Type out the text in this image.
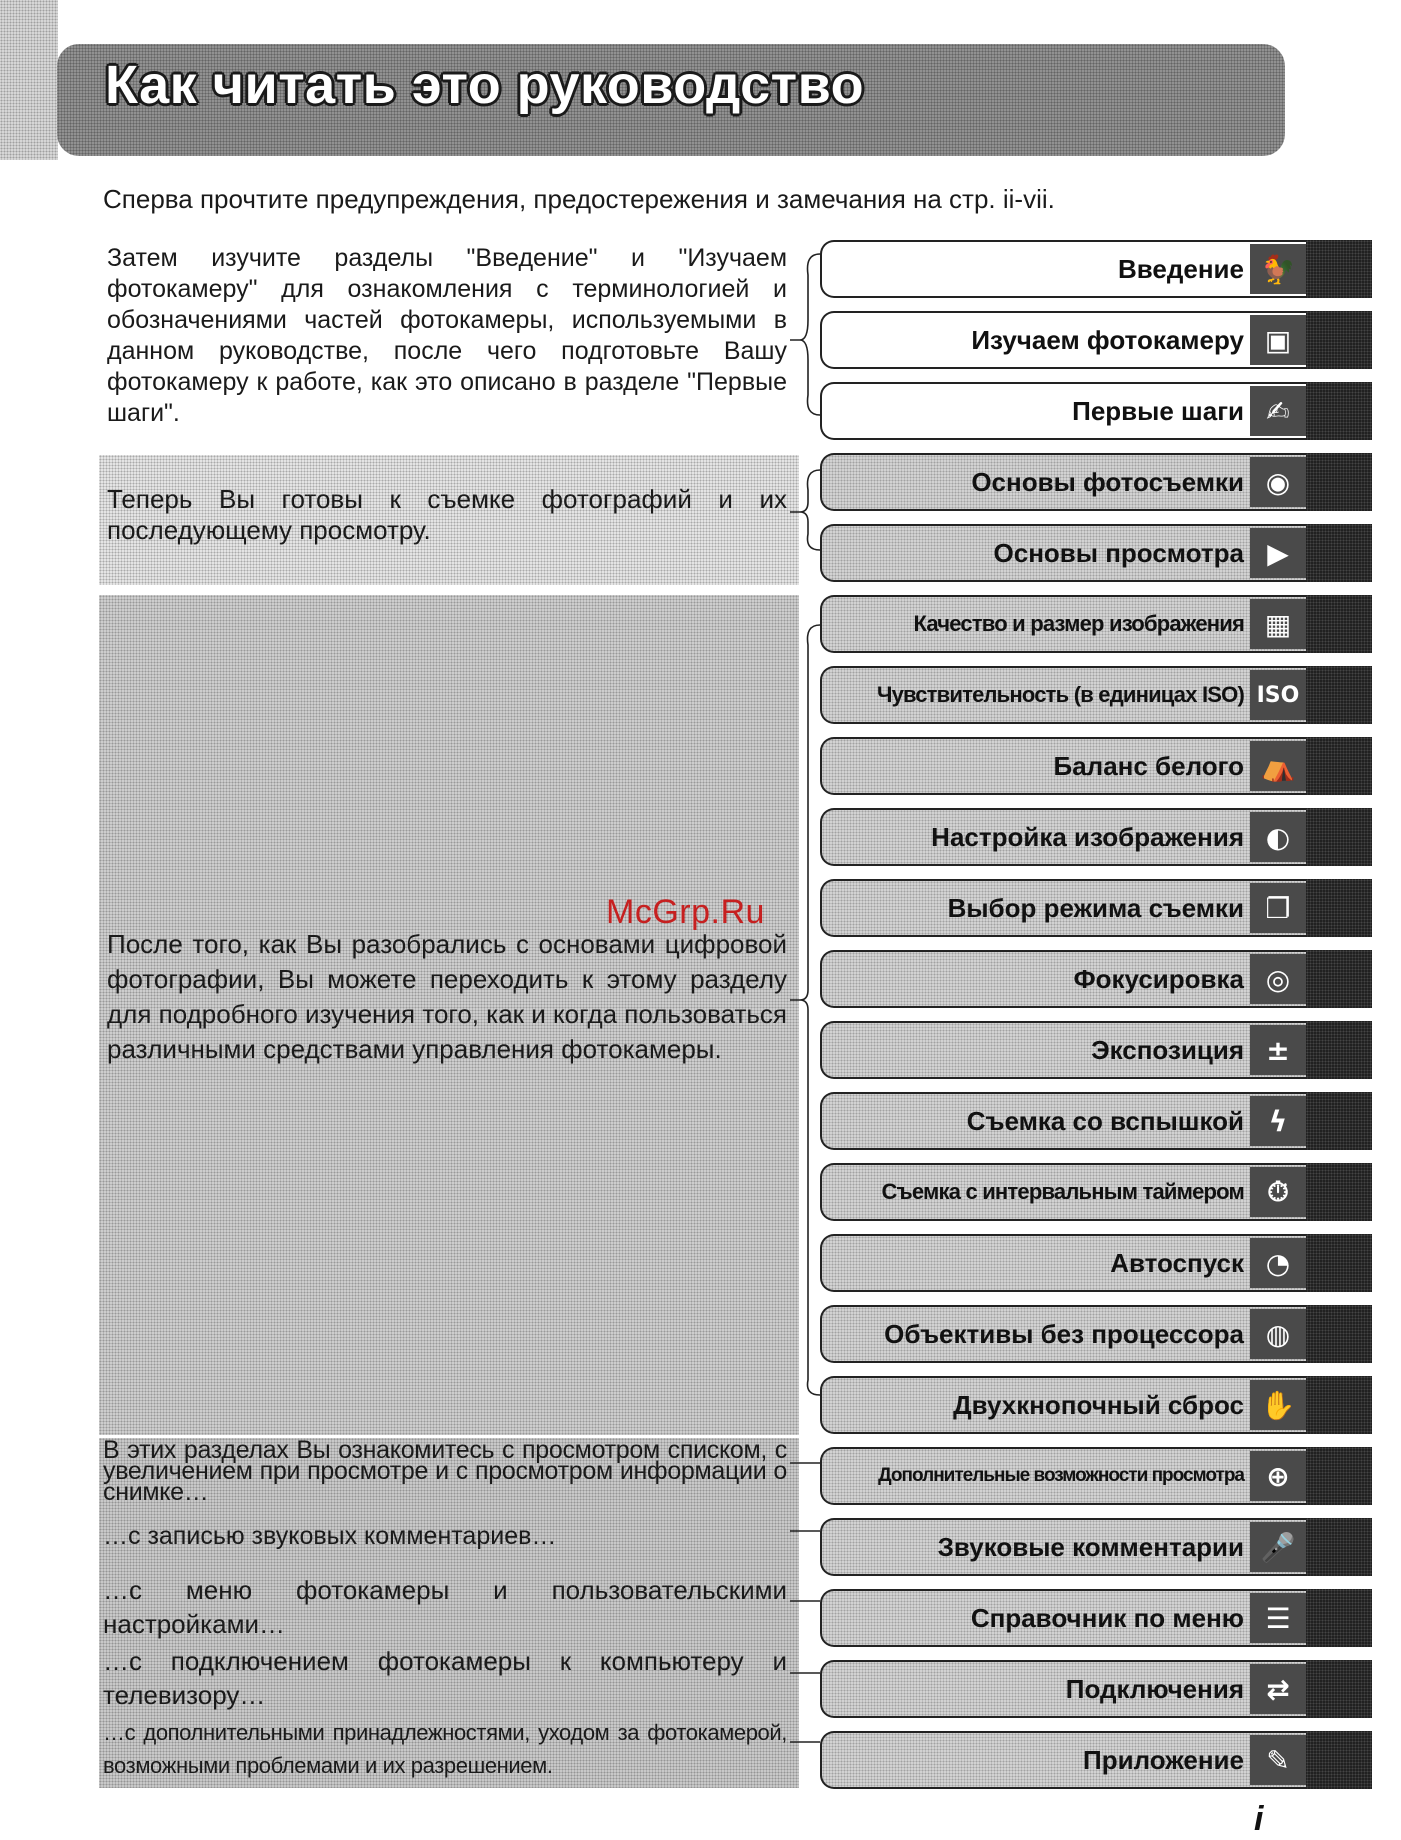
Как читать это руководство
Сперва прочтите предупреждения, предостережения и замечания на стр. ii-vii.
Затем изучите разделы "Введение" и "Изучаем фотокамеру" для ознакомления с терминологией и обозначениями частей фотокамеры, используемыми в данном руководстве, после чего подготовьте Вашу фотокамеру к работе, как это описано в разделе "Первые шаги".
Теперь Вы готовы к съемке фотографий и их последующему просмотру.
После того, как Вы разобрались с основами цифровой фотографии, Вы можете переходить к этому разделу для подробного изучения того, как и когда пользоваться различными средствами управления фотокамеры.
В этих разделах Вы ознакомитесь с просмотром списком, с увеличением при просмотре и с просмотром информации о снимке…
…с записью звуковых комментариев…
…с меню фотокамеры и пользовательскими настройками…
…с подключением фотокамеры к компьютеру и телевизору…
…с дополнительными принадлежностями, уходом за фотокамерой, возможными проблемами и их разрешением.
Введение 🐓
Изучаем фотокамеру ▣
Первые шаги ✍
Основы фотосъемки ◉
Основы просмотра ▶
Качество и размер изображения ▦
Чувствительность (в единицах ISO) ISO
Баланс белого ⛺
Настройка изображения ◐
Выбор режима съемки ❐
Фокусировка ◎
Экспозиция ±
Съемка со вспышкой ϟ
Съемка с интервальным таймером ⏱
Автоспуск ◔
Объективы без процессора ◍
Двухкнопочный сброс ✋
Дополнительные возможности просмотра ⊕
Звуковые комментарии 🎤
Справочник по меню ☰
Подключения ⇄
Приложение ✎
McGrp.Ru
i
